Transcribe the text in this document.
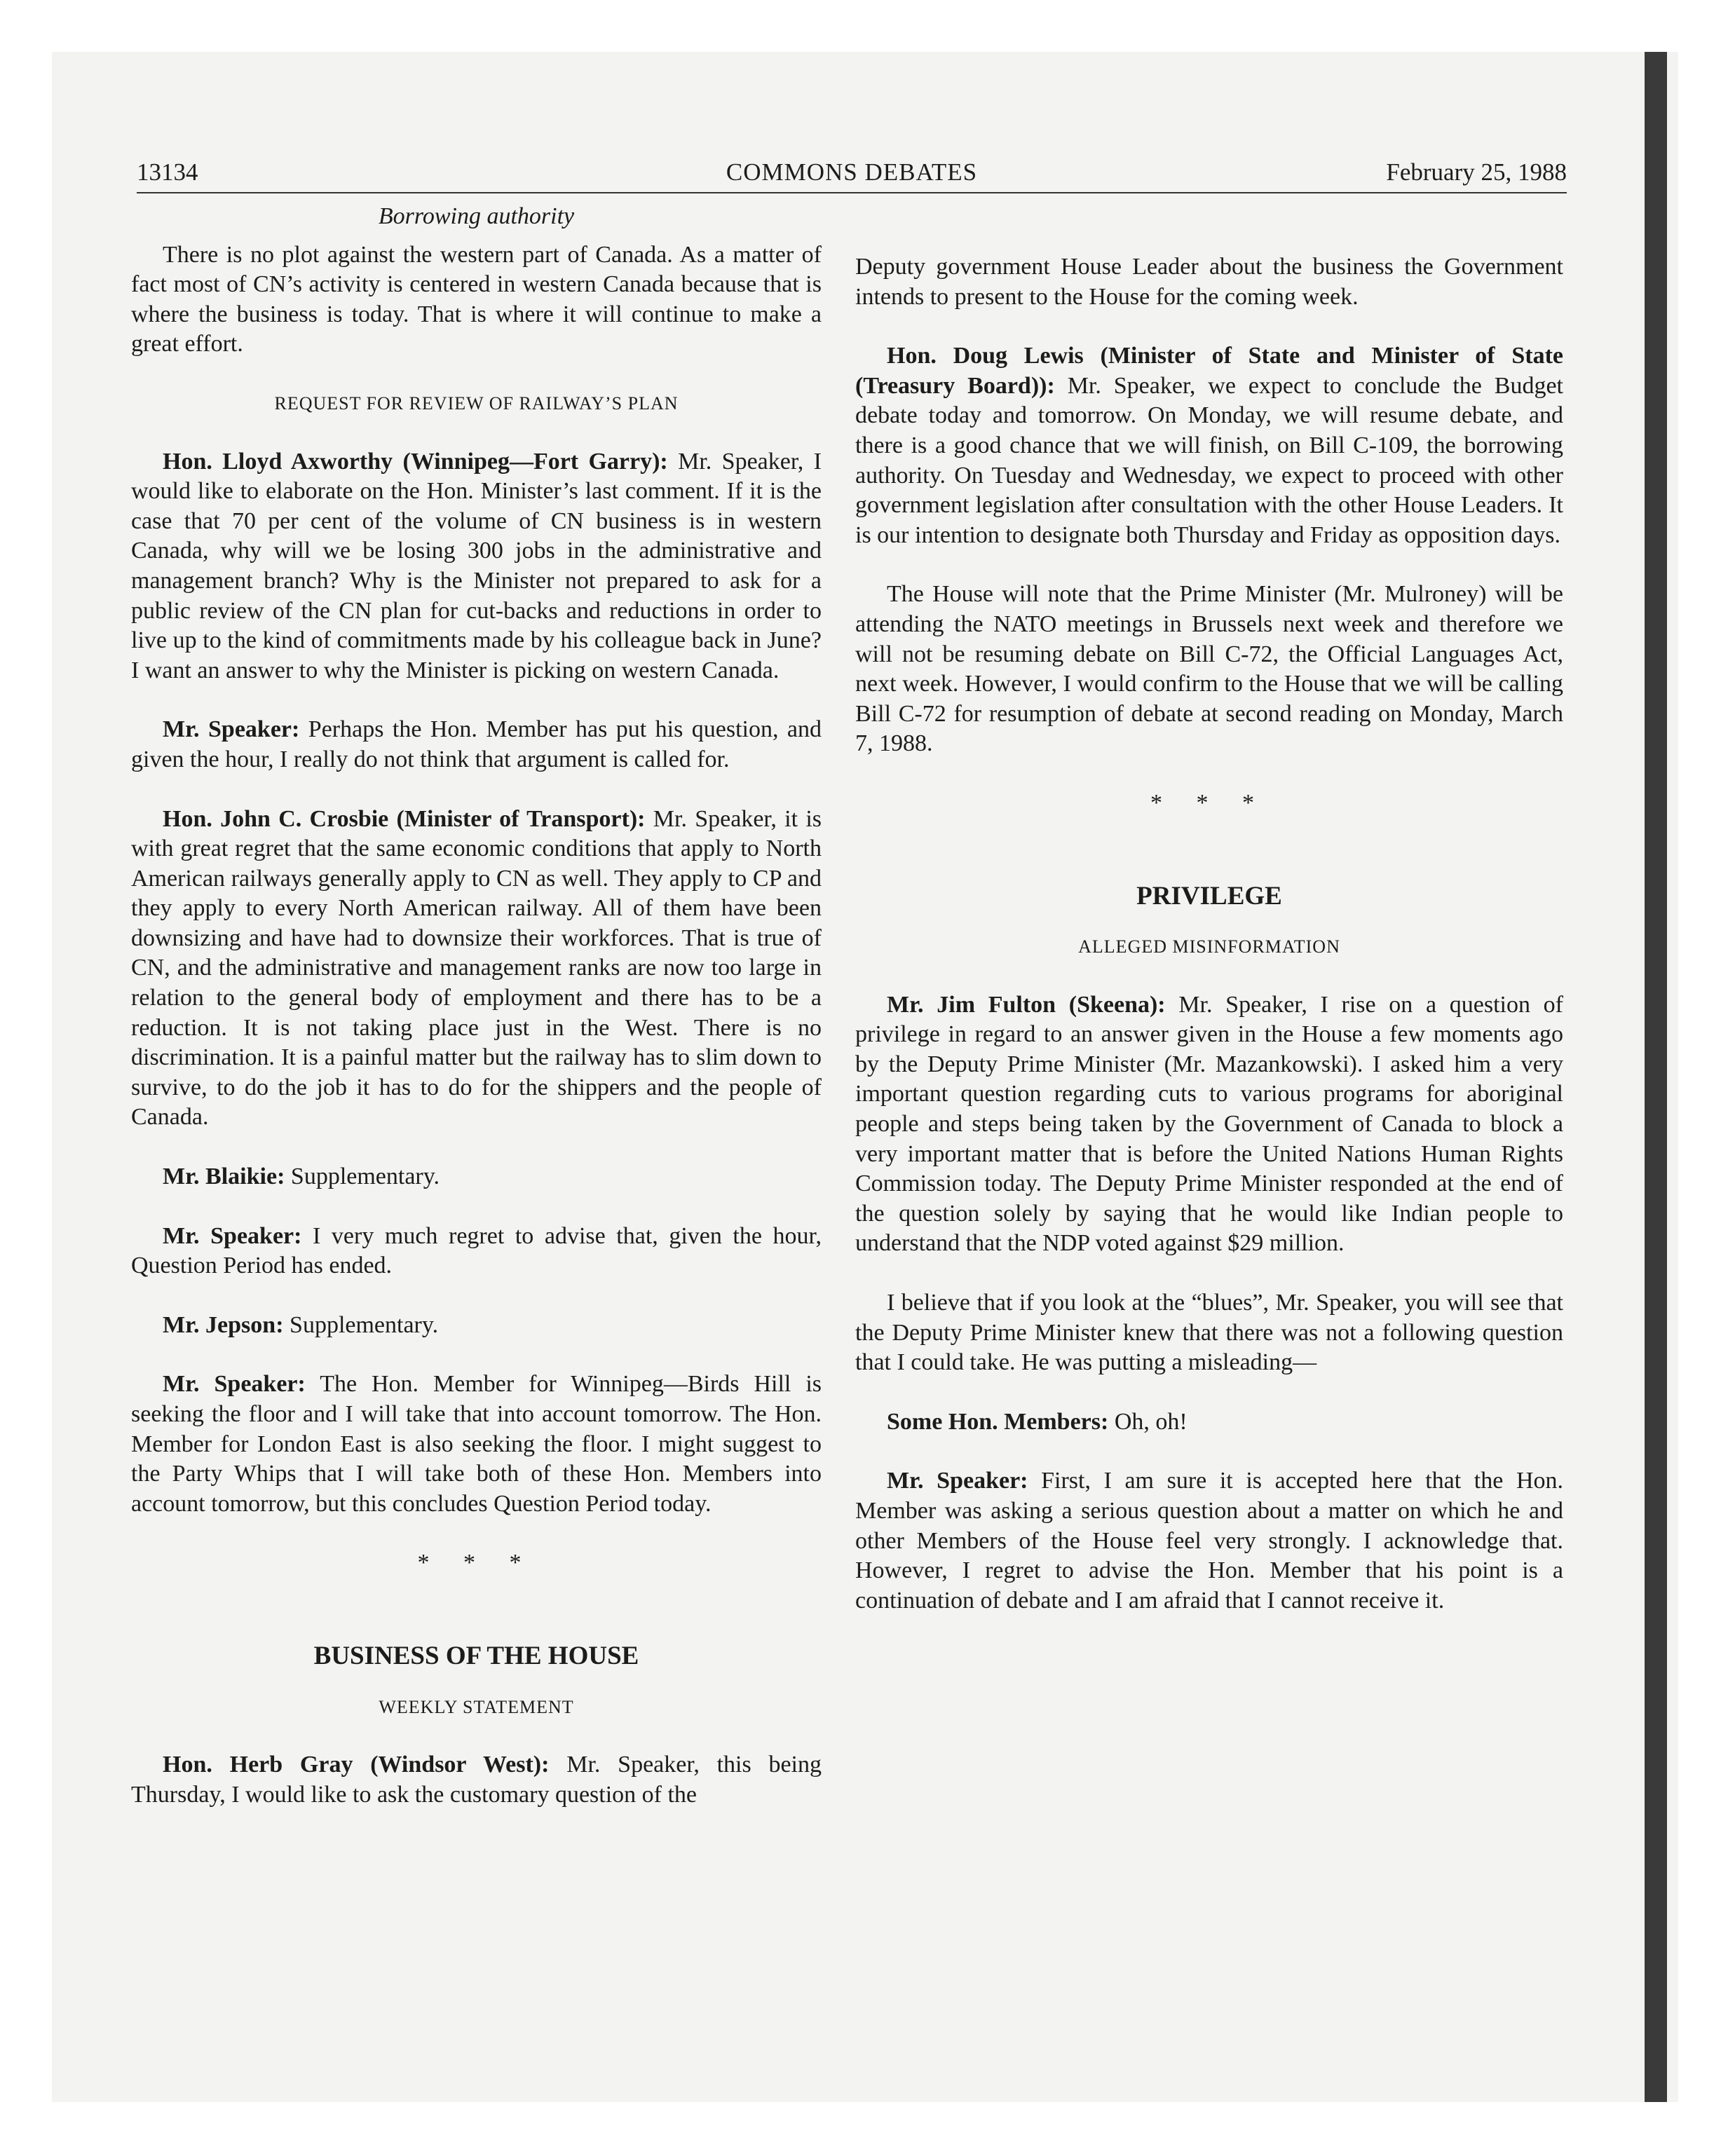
13134	COMMONS DEBATES	February 25, 1988

Borrowing authority

There is no plot against the western part of Canada. As a matter of fact most of CN’s activity is centered in western Canada because that is where the business is today. That is where it will continue to make a great effort.

REQUEST FOR REVIEW OF RAILWAY’S PLAN

Hon. Lloyd Axworthy (Winnipeg—Fort Garry): Mr. Speaker, I would like to elaborate on the Hon. Minister’s last comment. If it is the case that 70 per cent of the volume of CN business is in western Canada, why will we be losing 300 jobs in the administrative and management branch? Why is the Minister not prepared to ask for a public review of the CN plan for cut-backs and reductions in order to live up to the kind of commitments made by his colleague back in June? I want an answer to why the Minister is picking on western Canada.

Mr. Speaker: Perhaps the Hon. Member has put his question, and given the hour, I really do not think that argument is called for.

Hon. John C. Crosbie (Minister of Transport): Mr. Speaker, it is with great regret that the same economic conditions that apply to North American railways generally apply to CN as well. They apply to CP and they apply to every North American railway. All of them have been downsizing and have had to downsize their workforces. That is true of CN, and the administrative and management ranks are now too large in relation to the general body of employment and there has to be a reduction. It is not taking place just in the West. There is no discrimination. It is a painful matter but the railway has to slim down to survive, to do the job it has to do for the shippers and the people of Canada.

Mr. Blaikie: Supplementary.

Mr. Speaker: I very much regret to advise that, given the hour, Question Period has ended.

Mr. Jepson: Supplementary.

Mr. Speaker: The Hon. Member for Winnipeg—Birds Hill is seeking the floor and I will take that into account tomorrow. The Hon. Member for London East is also seeking the floor. I might suggest to the Party Whips that I will take both of these Hon. Members into account tomorrow, but this concludes Question Period today.

* * *

BUSINESS OF THE HOUSE

WEEKLY STATEMENT

Hon. Herb Gray (Windsor West): Mr. Speaker, this being Thursday, I would like to ask the customary question of the

Deputy government House Leader about the business the Government intends to present to the House for the coming week.

Hon. Doug Lewis (Minister of State and Minister of State (Treasury Board)): Mr. Speaker, we expect to conclude the Budget debate today and tomorrow. On Monday, we will resume debate, and there is a good chance that we will finish, on Bill C-109, the borrowing authority. On Tuesday and Wednesday, we expect to proceed with other government legislation after consultation with the other House Leaders. It is our intention to designate both Thursday and Friday as opposition days.

The House will note that the Prime Minister (Mr. Mulroney) will be attending the NATO meetings in Brussels next week and therefore we will not be resuming debate on Bill C-72, the Official Languages Act, next week. However, I would confirm to the House that we will be calling Bill C-72 for resumption of debate at second reading on Monday, March 7, 1988.

* * *

PRIVILEGE

ALLEGED MISINFORMATION

Mr. Jim Fulton (Skeena): Mr. Speaker, I rise on a question of privilege in regard to an answer given in the House a few moments ago by the Deputy Prime Minister (Mr. Mazankowski). I asked him a very important question regarding cuts to various programs for aboriginal people and steps being taken by the Government of Canada to block a very important matter that is before the United Nations Human Rights Commission today. The Deputy Prime Minister responded at the end of the question solely by saying that he would like Indian people to understand that the NDP voted against $29 million.

I believe that if you look at the “blues”, Mr. Speaker, you will see that the Deputy Prime Minister knew that there was not a following question that I could take. He was putting a misleading—

Some Hon. Members: Oh, oh!

Mr. Speaker: First, I am sure it is accepted here that the Hon. Member was asking a serious question about a matter on which he and other Members of the House feel very strongly. I acknowledge that. However, I regret to advise the Hon. Member that his point is a continuation of debate and I am afraid that I cannot receive it.
